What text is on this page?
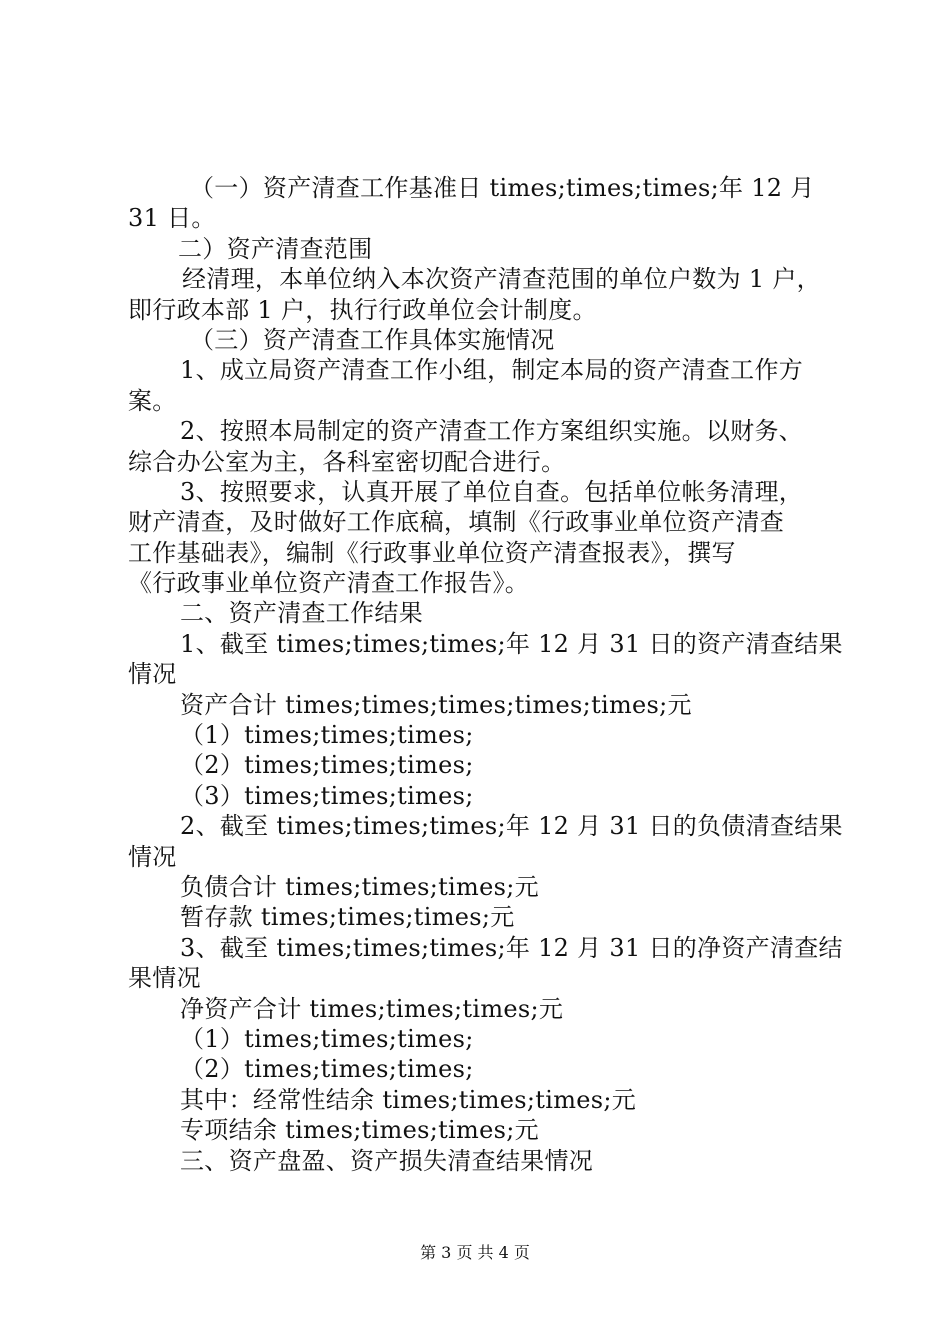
（一）资产清查工作基准日 times;times;times;年 12 月
31 日。
二）资产清查范围
经清理，本单位纳入本次资产清查范围的单位户数为 1 户，
即行政本部 1 户，执行行政单位会计制度。
（三）资产清查工作具体实施情况
1、成立局资产清查工作小组，制定本局的资产清查工作方
案。
2、按照本局制定的资产清查工作方案组织实施。以财务、
综合办公室为主，各科室密切配合进行。
3、按照要求，认真开展了单位自查。包括单位帐务清理，
财产清查，及时做好工作底稿，填制《行政事业单位资产清查
工作基础表》，编制《行政事业单位资产清查报表》，撰写
《行政事业单位资产清查工作报告》。
二、资产清查工作结果
1、截至 times;times;times;年 12 月 31 日的资产清查结果
情况
资产合计 times;times;times;times;times;元
（1）times;times;times;
（2）times;times;times;
（3）times;times;times;
2、截至 times;times;times;年 12 月 31 日的负债清查结果
情况
负债合计 times;times;times;元
暂存款 times;times;times;元
3、截至 times;times;times;年 12 月 31 日的净资产清查结
果情况
净资产合计 times;times;times;元
（1）times;times;times;
（2）times;times;times;
其中：经常性结余 times;times;times;元
专项结余 times;times;times;元
三、资产盘盈、资产损失清查结果情况
第 3 页 共 4 页
